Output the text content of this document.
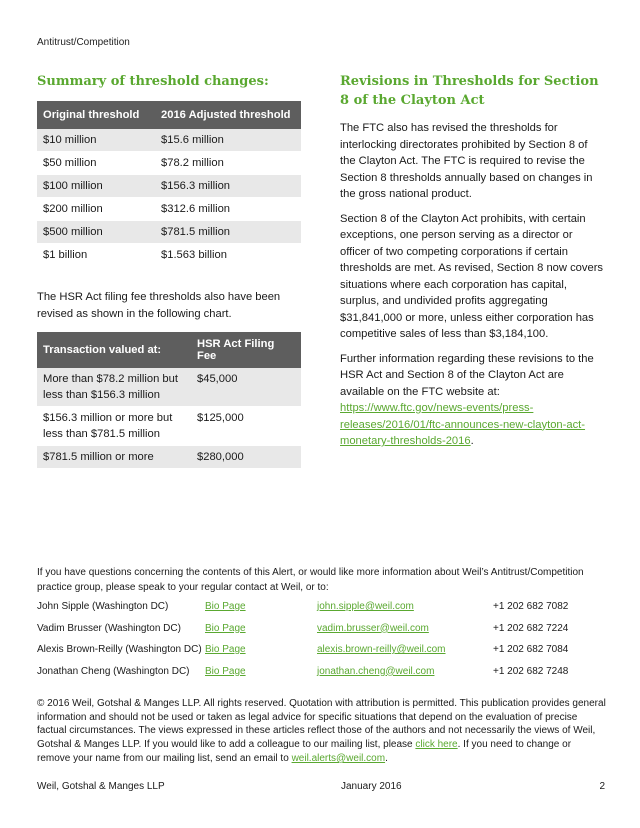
Antitrust/Competition
Summary of threshold changes:
Original threshold	2016 Adjusted threshold
$10 million	$15.6 million
$50 million	$78.2 million
$100 million	$156.3 million
$200 million	$312.6 million
$500 million	$781.5 million
$1 billion	$1.563 billion

The HSR Act filing fee thresholds also have been revised as shown in the following chart.

Transaction valued at:	HSR Act Filing Fee
More than $78.2 million but less than $156.3 million	$45,000
$156.3 million or more but less than $781.5 million	$125,000
$781.5 million or more	$280,000
Revisions in Thresholds for Section 8 of the Clayton Act

The FTC also has revised the thresholds for interlocking directorates prohibited by Section 8 of the Clayton Act. The FTC is required to revise the Section 8 thresholds annually based on changes in the gross national product.

Section 8 of the Clayton Act prohibits, with certain exceptions, one person serving as a director or officer of two competing corporations if certain thresholds are met. As revised, Section 8 now covers situations where each corporation has capital, surplus, and undivided profits aggregating $31,841,000 or more, unless either corporation has competitive sales of less than $3,184,100.

Further information regarding these revisions to the HSR Act and Section 8 of the Clayton Act are available on the FTC website at: https://www.ftc.gov/news-events/press-releases/2016/01/ftc-announces-new-clayton-act-monetary-thresholds-2016.

If you have questions concerning the contents of this Alert, or would like more information about Weil’s Antitrust/Competition practice group, please speak to your regular contact at Weil, or to:
John Sipple (Washington DC)	Bio Page	john.sipple@weil.com	+1 202 682 7082
Vadim Brusser (Washington DC) Bio Page	vadim.brusser@weil.com	+1 202 682 7224
Alexis Brown-Reilly (Washington DC) Bio Page	alexis.brown-reilly@weil.com	+1 202 682 7084
Jonathan Cheng (Washington DC) Bio Page	jonathan.cheng@weil.com	+1 202 682 7248
© 2016 Weil, Gotshal & Manges LLP. All rights reserved. Quotation with attribution is permitted. This publication provides general information and should not be used or taken as legal advice for specific situations that depend on the evaluation of precise factual circumstances. The views expressed in these articles reflect those of the authors and not necessarily the views of Weil, Gotshal & Manges LLP. If you would like to add a colleague to our mailing list, please click here. If you need to change or remove your name from our mailing list, send an email to weil.alerts@weil.com.
Weil, Gotshal & Manges LLP	January 2016	2
